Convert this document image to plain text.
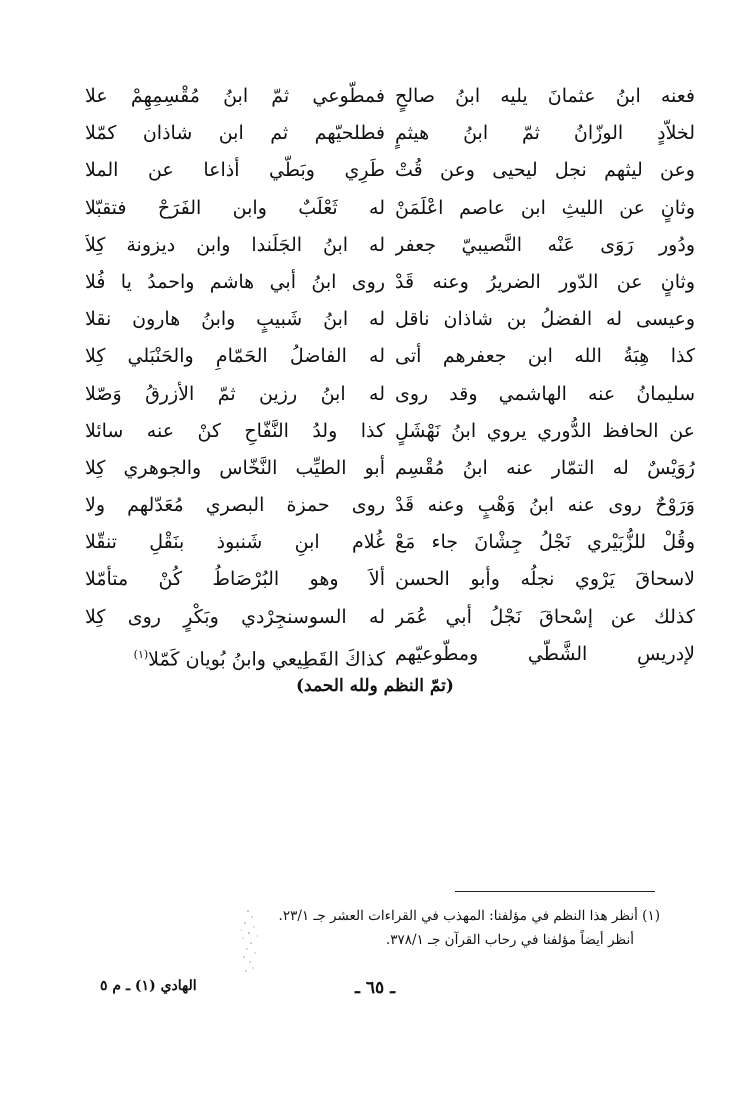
فعنه ابنُ عثمانَ يليه ابنُ صالحٍ
لخلاّدٍ الوزّانُ ثمّ ابنُ هيثمٍ
وعن ليثهم نجل ليحيى وعن قُتْ
وثانٍ عن الليثِ ابن عاصم اعْلَمَنْ
ودُور رَوَى عَنْه النَّصيبيّ جعفر
وثانٍ عن الدّور الضريرُ وعنه قَدْ
وعيسى له الفضلُ بن شاذان ناقل
كذا هِبَةُ الله ابن جعفرهم أتى
سليمانُ عنه الهاشمي وقد روى
عن الحافظ الدُّوري يروي ابنُ نَهْشَلٍ
رُوَيْسٌ له التمّار عنه ابنُ مُقْسِم
وَرَوْحٌ روى عنه ابنُ وَهْبٍ وعنه قَدْ
وقُلْ للزُّبَيْري نَجْلُ جِشْانَ جاء مَعْ
لاسحاقَ يَرْوي نجلُه وأبو الحسن
كذلك عن إسْحاقَ نَجْلُ أبي عُمَر
لإدريسِ الشَّطّي ومطّوعيّهم
فمطّوعي ثمّ ابنُ مُقْسِمِهِمْ علا
فطلحيّهم ثم ابن شاذان كمّلا
طَرِي وبَطّي أذاعا عن الملا
له ثَعْلَبٌ وابن الفَرَحْ فتقبّلا
له ابنُ الجَلَندا وابن ديزونة كِلاَ
روى ابنُ أبي هاشم واحمدُ يا فُلا
له ابنُ شَبيبٍ وابنُ هارون نقلا
له الفاضلُ الحَمّامِ والحَنْبَلي كِلا
له ابنُ رزين ثمّ الأزرقُ وَصّلا
كذا ولدُ النَّفّاحِ كنْ عنه سائلا
أبو الطيِّب النَّخّاس والجوهري كِلا
روى حمزة البصري مُعَدّلهم ولا
غُلام ابنِ شَنبوذ بنَقْلِ تنقّلا
ألاَ وهو البُرْصَاطُ كُنْ متأمّلا
له السوسنجِرْدي وبَكْرٍ روى كِلا
كذاكَ القَطِيعي وابنُ بُويان كَمّلا$^{(١)}$
(تمّ النظم ولله الحمد)
(١) أنظر هذا النظم في مؤلفنا: المهذب في القراءات العشر جـ ٢٣/١.
أنظر أيضاً مؤلفنا في رحاب القرآن جـ ٣٧٨/١.
ـ ٦٥ ـ
الهادي (١) ـ م ٥
